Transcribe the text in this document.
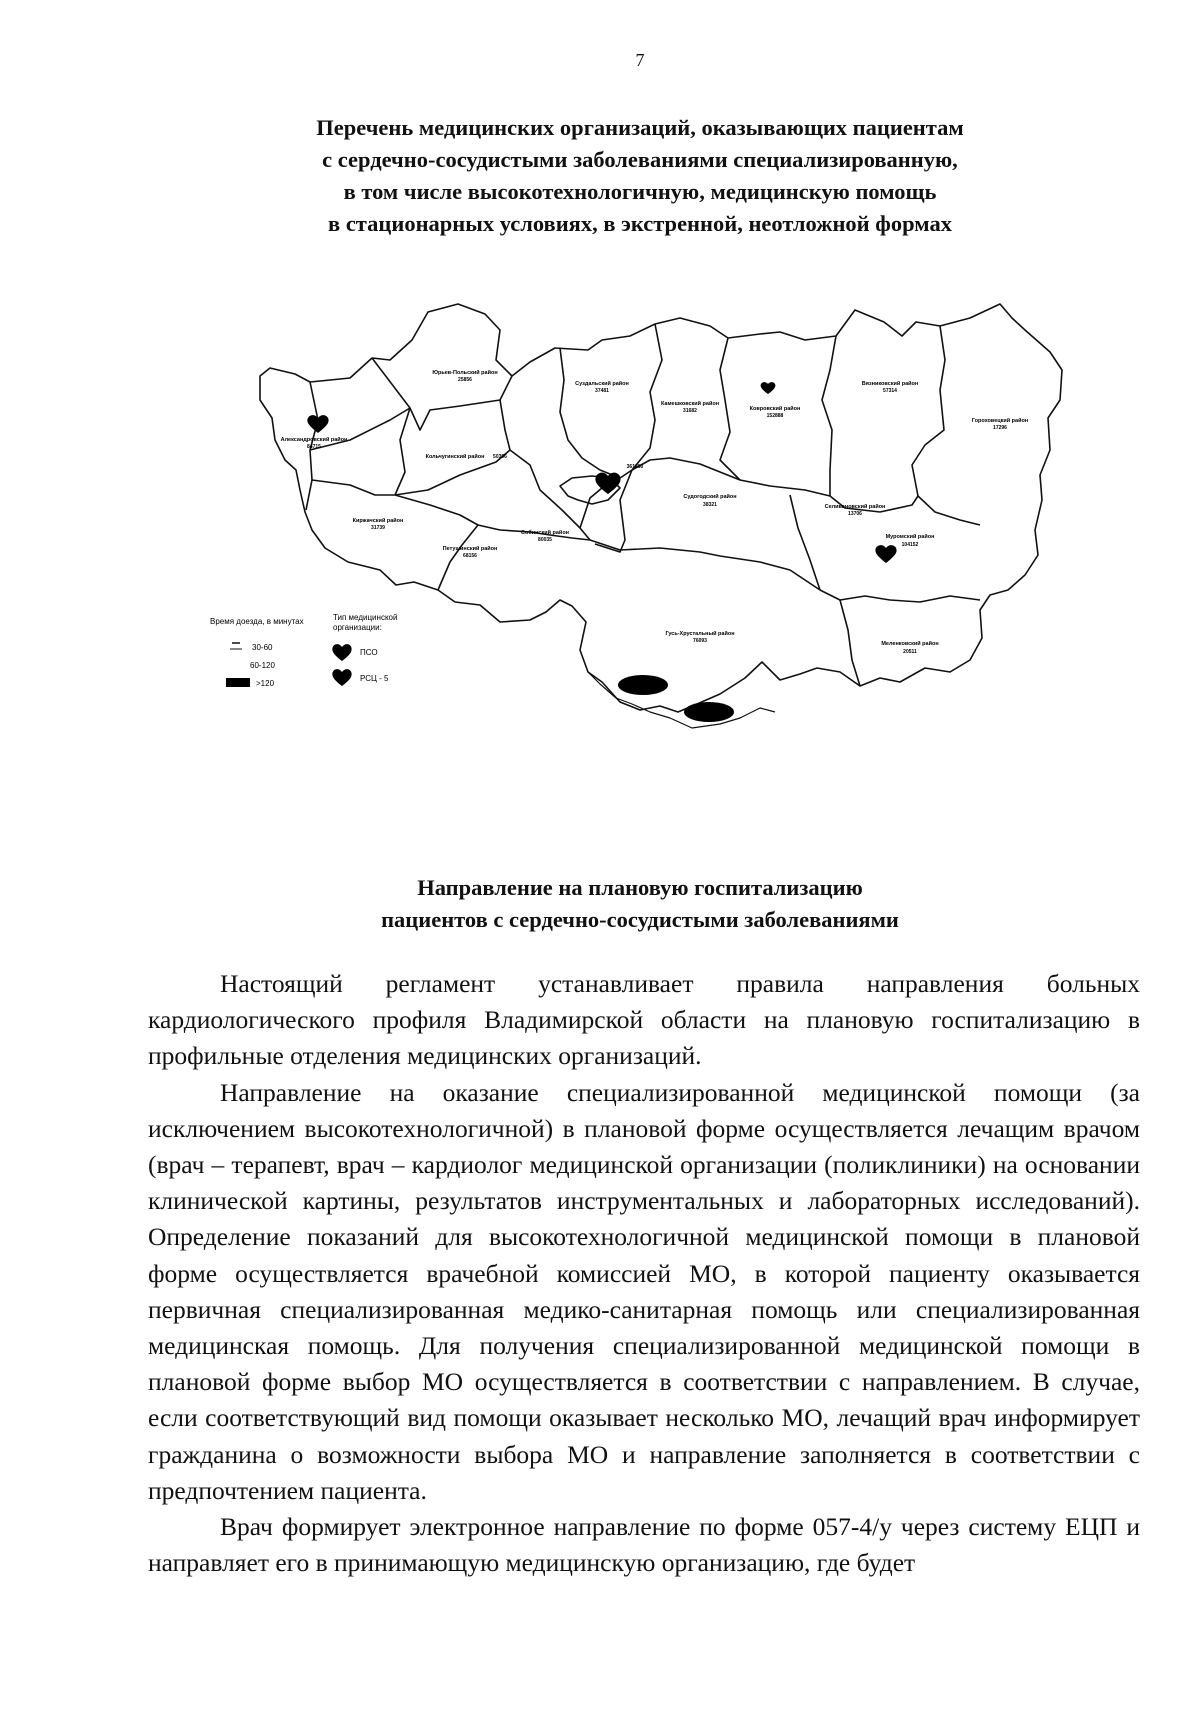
7
Перечень медицинских организаций, оказывающих пациентам
с сердечно-сосудистыми заболеваниями специализированную,
в том числе высокотехнологичную, медицинскую помощь
в стационарных условиях, в экстренной, неотложной формах
Александровский район
84715
Юрьев-Польский район
25856
Суздальский район
37481
Камешковский район
31682	Ковровский район
152888
Вязниковский район
57314
Гороховецкий район
17296
Кольчугинский район 50396
361280
Судогодский район
38321	Селивановский район
13706
Муромский район
104152
Киржачский район
31739
Петушинский район
68156
Собинский район
80035
Гусь-Хрустальный район
76093	Меленковский район
20511
Время доезда, в минутах
30-60
60-120
>120
Тип медицинской
организации:
ПСО
РСЦ - 5
Направление на плановую госпитализацию
пациентов с сердечно-сосудистыми заболеваниями

Настоящий регламент устанавливает правила направления больных кардиологического профиля Владимирской области на плановую госпитализацию в профильные отделения медицинских организаций.

Направление на оказание специализированной медицинской помощи (за исключением высокотехнологичной) в плановой форме осуществляется лечащим врачом (врач – терапевт, врач – кардиолог медицинской организации (поликлиники) на основании клинической картины, результатов инструментальных и лабораторных исследований). Определение показаний для высокотехнологичной медицинской помощи в плановой форме осуществляется врачебной комиссией МО, в которой пациенту оказывается первичная специализированная медико-санитарная помощь или специализированная медицинская помощь. Для получения специализированной медицинской помощи в плановой форме выбор МО осуществляется в соответствии с направлением. В случае, если соответствующий вид помощи оказывает несколько МО, лечащий врач информирует гражданина о возможности выбора МО и направление заполняется в соответствии с предпочтением пациента.

Врач формирует электронное направление по форме 057-4/у через систему ЕЦП и направляет его в принимающую медицинскую организацию, где будет
